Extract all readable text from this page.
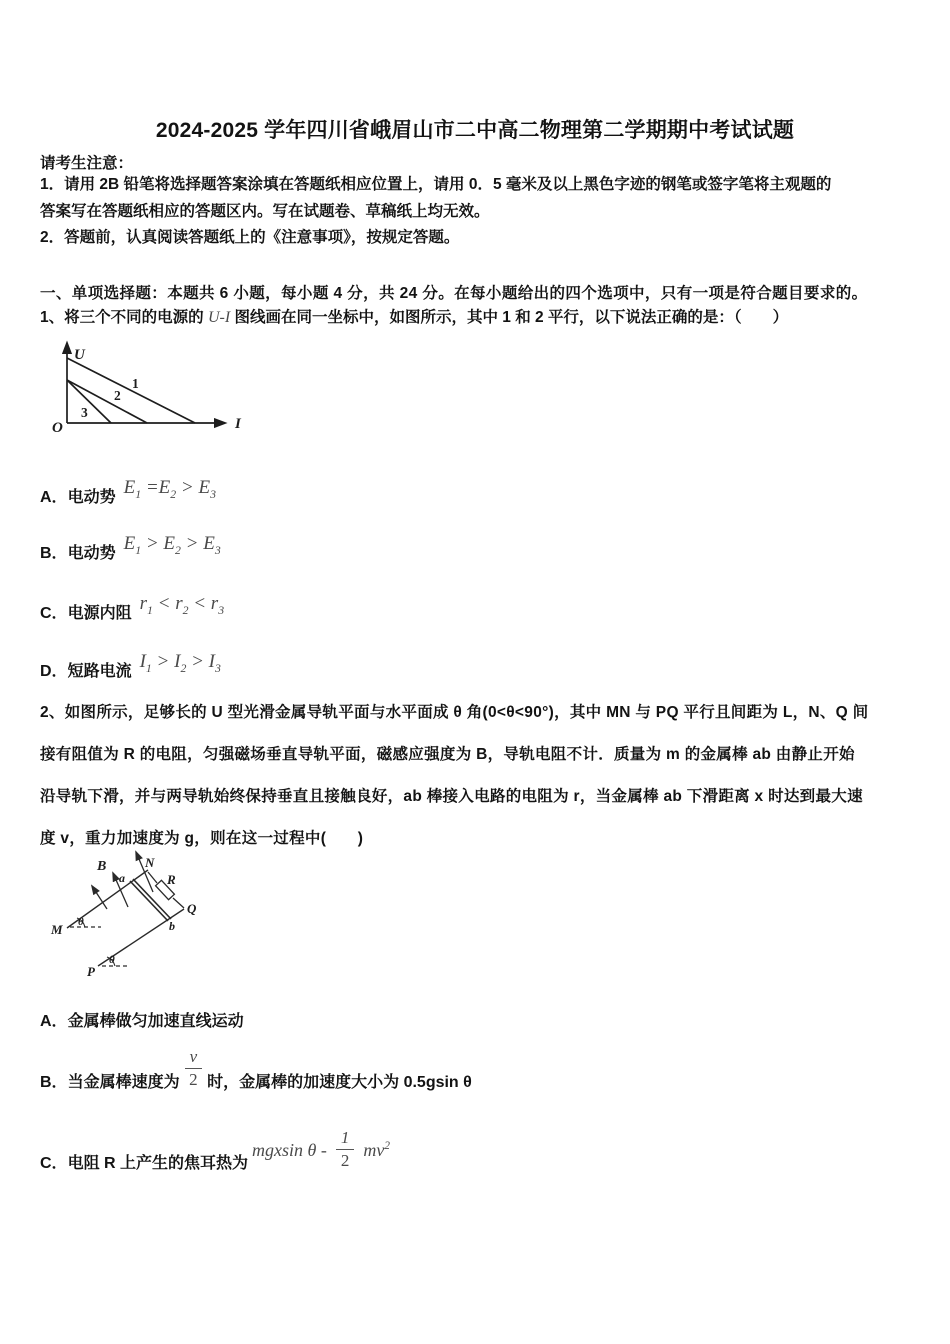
2024-2025 学年四川省峨眉山市二中高二物理第二学期期中考试试题
请考生注意：
1．请用 2B 铅笔将选择题答案涂填在答题纸相应位置上，请用 0．5 毫米及以上黑色字迹的钢笔或签字笔将主观题的
答案写在答题纸相应的答题区内。写在试题卷、草稿纸上均无效。
2．答题前，认真阅读答题纸上的《注意事项》，按规定答题。
一、单项选择题：本题共 6 小题，每小题 4 分，共 24 分。在每小题给出的四个选项中，只有一项是符合题目要求的。
1、将三个不同的电源的 U-I 图线画在同一坐标中，如图所示，其中 1 和 2 平行，以下说法正确的是：（　　）
U
I
O
1
2
3
A．电动势 $E_1 =E_2 > E_3$
B．电动势 $E_1 > E_2 > E_3$
C．电源内阻 $r_1 < r_2 < r_3$
D．短路电流 $I_1 > I_2 > I_3$
2、如图所示，足够长的 U 型光滑金属导轨平面与水平面成 θ 角(0<θ<90°)，其中 MN 与 PQ 平行且间距为 L，N、Q 间
接有阻值为 R 的电阻，匀强磁场垂直导轨平面，磁感应强度为 B，导轨电阻不计．质量为 m 的金属棒 ab 由静止开始
沿导轨下滑，并与两导轨始终保持垂直且接触良好，ab 棒接入电路的电阻为 r，当金属棒 ab 下滑距离 x 时达到最大速
度 v，重力加速度为 g，则在这一过程中(　　)
M
N
P
Q
a
b
B
R
θ
θ
A．金属棒做匀加速直线运动
B． 当金属棒速度为 $\frac{v}{2}$ 时，金属棒的加速度大小为 0.5gsin θ
C． 电阻 R 上产生的焦耳热为
mgxsin θ - $\frac{1}{2} mv^2$
